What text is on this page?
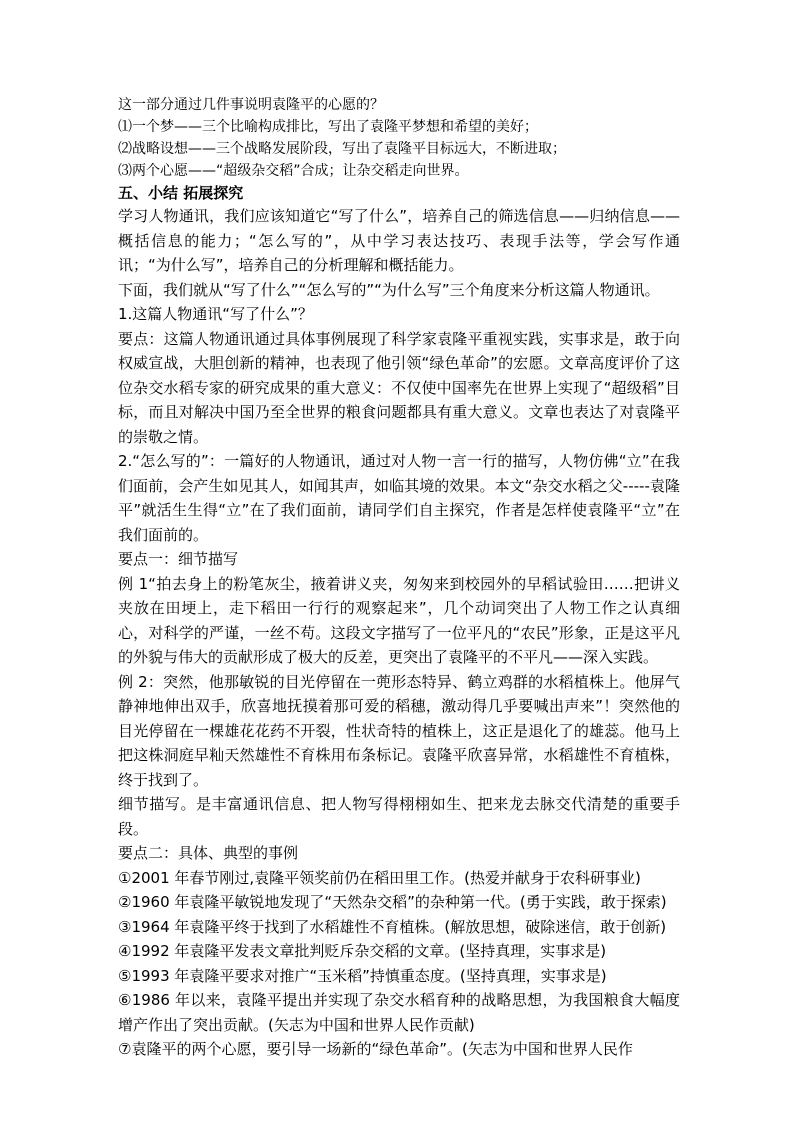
这一部分通过几件事说明袁隆平的心愿的？
⑴一个梦——三个比喻构成排比，写出了袁隆平梦想和希望的美好；
⑵战略设想——三个战略发展阶段，写出了袁隆平目标远大，不断进取；
⑶两个心愿——“超级杂交稻”合成；让杂交稻走向世界。
五、小结 拓展探究

学习人物通讯，我们应该知道它“写了什么”，培养自己的筛选信息——归纳信息——概括信息的能力；“怎么写的”，从中学习表达技巧、表现手法等，学会写作通讯；“为什么写”，培养自己的分析理解和概括能力。

下面，我们就从“写了什么”“怎么写的”“为什么写”三个角度来分析这篇人物通讯。

1.这篇人物通讯“写了什么”？

要点：这篇人物通讯通过具体事例展现了科学家袁隆平重视实践，实事求是，敢于向权威宣战，大胆创新的精神，也表现了他引领“绿色革命”的宏愿。文章高度评价了这位杂交水稻专家的研究成果的重大意义：不仅使中国率先在世界上实现了“超级稻”目标，而且对解决中国乃至全世界的粮食问题都具有重大意义。文章也表达了对袁隆平的崇敬之情。

2.“怎么写的”：一篇好的人物通讯，通过对人物一言一行的描写，人物仿佛“立”在我们面前，会产生如见其人，如闻其声，如临其境的效果。本文“杂交水稻之父-----袁隆平”就活生生得“立”在了我们面前，请同学们自主探究，作者是怎样使袁隆平“立”在我们面前的。

要点一：细节描写

例 1“拍去身上的粉笔灰尘，掖着讲义夹，匆匆来到校园外的早稻试验田……把讲义夹放在田埂上，走下稻田一行行的观察起来”，几个动词突出了人物工作之认真细心，对科学的严谨，一丝不苟。这段文字描写了一位平凡的“农民”形象，正是这平凡的外貌与伟大的贡献形成了极大的反差，更突出了袁隆平的不平凡——深入实践。

例 2：突然，他那敏锐的目光停留在一蔸形态特异、鹤立鸡群的水稻植株上。他屏气静神地伸出双手，欣喜地抚摸着那可爱的稻穗，激动得几乎要喊出声来”！突然他的目光停留在一棵雄花花药不开裂，性状奇特的植株上，这正是退化了的雄蕊。他马上把这株洞庭早籼天然雄性不育株用布条标记。袁隆平欣喜异常，水稻雄性不育植株，终于找到了。

细节描写。是丰富通讯信息、把人物写得栩栩如生、把来龙去脉交代清楚的重要手段。

要点二：具体、典型的事例
①2001 年春节刚过,袁隆平领奖前仍在稻田里工作。(热爱并献身于农科研事业)
②1960 年袁隆平敏锐地发现了“天然杂交稻”的杂种第一代。(勇于实践，敢于探索)
③1964 年袁隆平终于找到了水稻雄性不育植株。(解放思想，破除迷信，敢于创新)
④1992 年袁隆平发表文章批判贬斥杂交稻的文章。(坚持真理，实事求是)
⑤1993 年袁隆平要求对推广“玉米稻”持慎重态度。(坚持真理，实事求是)
⑥1986 年以来，袁隆平提出并实现了杂交水稻育种的战略思想，为我国粮食大幅度增产作出了突出贡献。(矢志为中国和世界人民作贡献)
⑦袁隆平的两个心愿，要引导一场新的“绿色革命”。(矢志为中国和世界人民作
